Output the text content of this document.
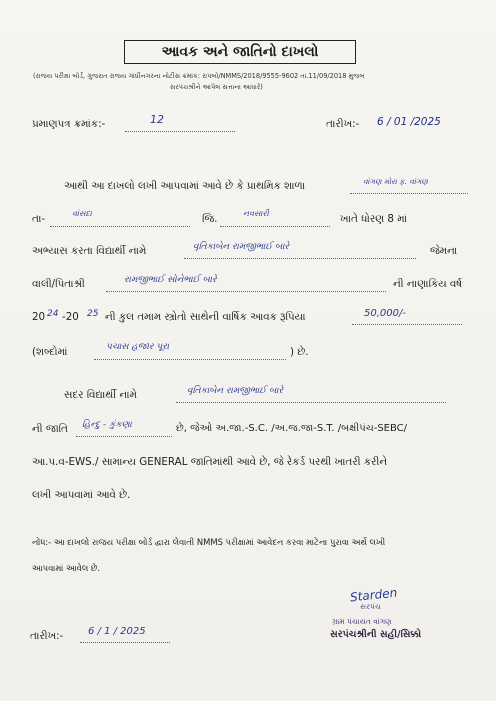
આવક અને જાતિનો દાખલો
(રાજય પરીક્ષા બોર્ડ, ગુજરાત રાજય ગાંધીનગરના નોટીસ ક્રમાંક: રાપબો/NMMS/2018/9555-9602 તા.11/09/2018 મુજબ
સરપંચશ્રીને આપેલ સત્તાના આધારે)
પ્રમાણપત્ર ક્રમાંક:-	12	તારીખ:- 6 / 01 /2025
આથી આ દાખલો લખી આપવામાં આવે છે કે પ્રાથમિક શાળા	વાંગણ મોરા ફ. વાંગણ
તા-	વાંસદા	જિ.	નવસારી	ખાતે ધોરણ 8 માં
અભ્યાસ કરતા વિદ્યાર્થી નામે	વૃતિકાબેન રામજીભાઈ બારે	જેમના
વાલી/પિતાશ્રી	રામજીભાઈ સોનેભાઈ બારે	ની નાણાકિય વર્ષ
20 24 -20 25 ની કુલ તમામ સ્ત્રોતો સાથેની વાર્ષિક આવક રૂપિયા	50,000/-
(શબ્દોમાં	પચાસ હજાર પૂરા	) છે.
સદર વિદ્યાર્થી નામે	વૃતિકાબેન રામજીભાઈ બારે
ની જાતિ હિન્દુ - કુંકણા	છે, જેઓ અ.જા.-S.C. /અ.જ.જા-S.T. /બક્ષીપંચ-SEBC/
આ.પ.વ-EWS./ સામાન્ય GENERAL જાતિમાંથી આવે છે, જે રેકર્ડ પરથી ખાતરી કરીને
લખી આપવામાં આવે છે.
નોંધ:- આ દાખલો રાજય પરીક્ષા બોર્ડ દ્વારા લેવાતી NMMS પરીક્ષામાં આવેદન કરવા માટેના પુરાવા અર્થે લખી
આપવામાં આવેલ છે.
Starden
સરપંચ
ગ્રામ પંચાયત વાંગણ
સરપંચશ્રીની સહી/સિક્કો
તારીખ:- 6 / 1 / 2025
